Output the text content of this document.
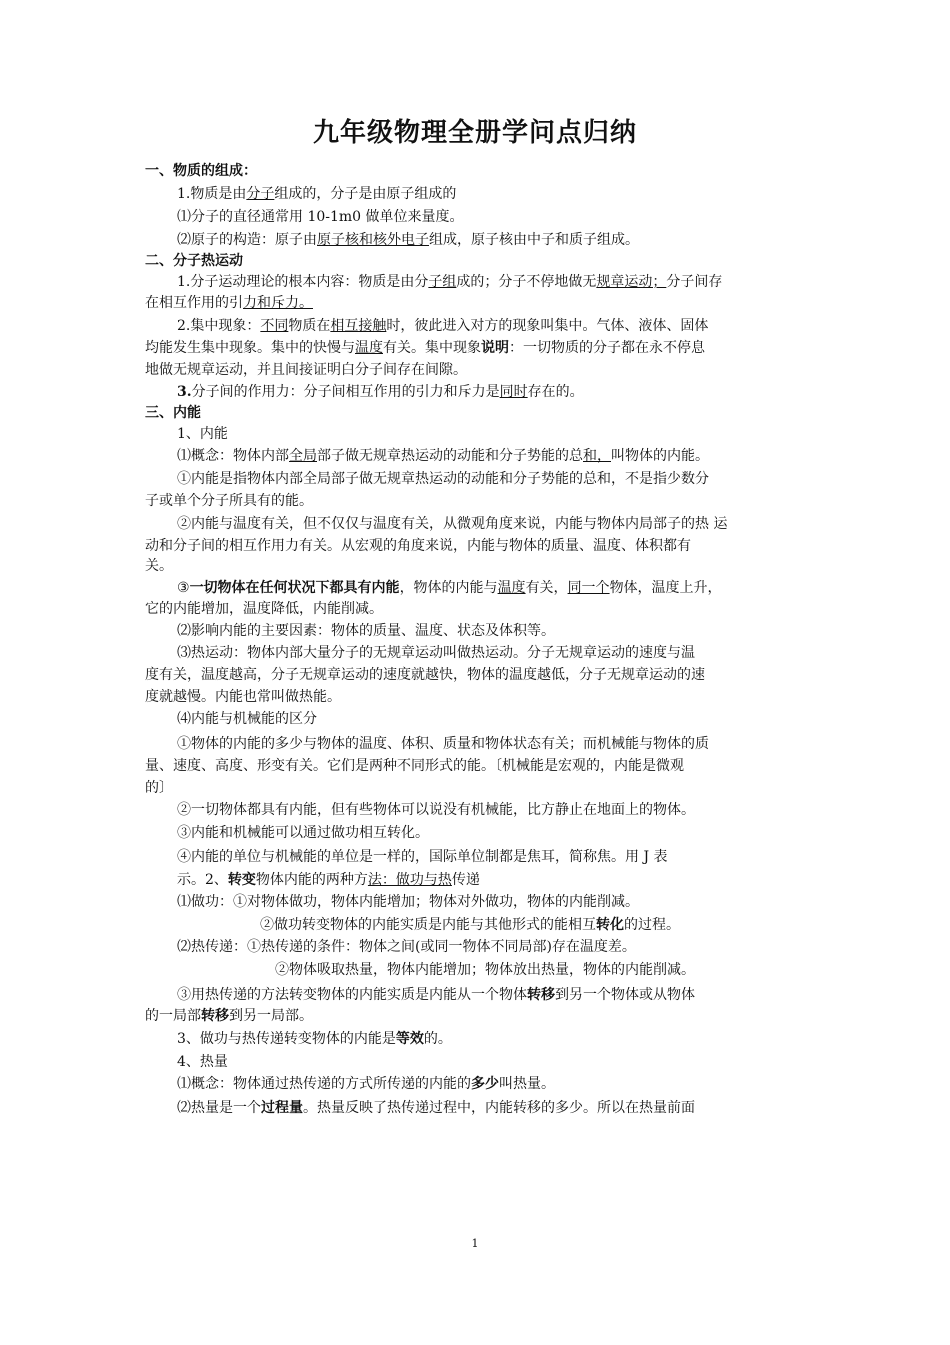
九年级物理全册学问点归纳
一、物质的组成：
1.物质是由分子组成的，分子是由原子组成的
⑴分子的直径通常用 10-1m0 做单位来量度。
⑵原子的构造：原子由原子核和核外电子组成，原子核由中子和质子组成。
二、分子热运动
1.分子运动理论的根本内容：物质是由分子组成的；分子不停地做无规章运动；分子间存
在相互作用的引力和斥力。
2.集中现象：不同物质在相互接触时，彼此进入对方的现象叫集中。气体、液体、固体
均能发生集中现象。集中的快慢与温度有关。集中现象说明：一切物质的分子都在永不停息
地做无规章运动，并且间接证明白分子间存在间隙。
3.分子间的作用力：分子间相互作用的引力和斥力是同时存在的。
三、内能
1、内能
⑴概念：物体内部全局部子做无规章热运动的动能和分子势能的总和，叫物体的内能。
①内能是指物体内部全局部子做无规章热运动的动能和分子势能的总和，不是指少数分
子或单个分子所具有的能。
②内能与温度有关，但不仅仅与温度有关，从微观角度来说，内能与物体内局部子的热 运
动和分子间的相互作用力有关。从宏观的角度来说，内能与物体的质量、温度、体积都有
关。
③一切物体在任何状况下都具有内能，物体的内能与温度有关，同一个物体，温度上升，
它的内能增加，温度降低，内能削减。
⑵影响内能的主要因素：物体的质量、温度、状态及体积等。
⑶热运动：物体内部大量分子的无规章运动叫做热运动。分子无规章运动的速度与温
度有关，温度越高，分子无规章运动的速度就越快，物体的温度越低，分子无规章运动的速
度就越慢。内能也常叫做热能。
⑷内能与机械能的区分
①物体的内能的多少与物体的温度、体积、质量和物体状态有关；而机械能与物体的质
量、速度、高度、形变有关。它们是两种不同形式的能。〔机械能是宏观的，内能是微观
的〕
②一切物体都具有内能，但有些物体可以说没有机械能，比方静止在地面上的物体。
③内能和机械能可以通过做功相互转化。
④内能的单位与机械能的单位是一样的，国际单位制都是焦耳，简称焦。用 J 表
示。2、转变物体内能的两种方法：做功与热传递
⑴做功：①对物体做功，物体内能增加；物体对外做功，物体的内能削减。
②做功转变物体的内能实质是内能与其他形式的能相互转化的过程。
⑵热传递：①热传递的条件：物体之间(或同一物体不同局部)存在温度差。
②物体吸取热量，物体内能增加；物体放出热量，物体的内能削减。
③用热传递的方法转变物体的内能实质是内能从一个物体转移到另一个物体或从物体
的一局部转移到另一局部。
3、做功与热传递转变物体的内能是等效的。
4、热量
⑴概念：物体通过热传递的方式所传递的内能的多少叫热量。
⑵热量是一个过程量。热量反映了热传递过程中，内能转移的多少。所以在热量前面
1
